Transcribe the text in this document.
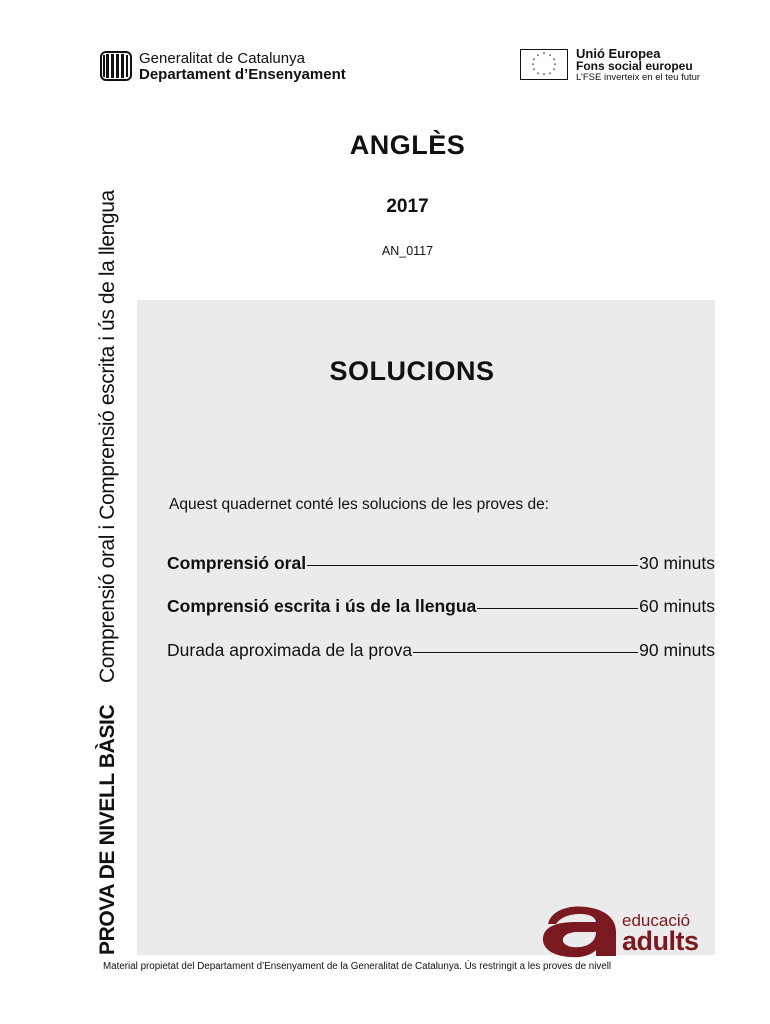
Generalitat de Catalunya
Departament d’Ensenyament
* *
*
*
*
*
*
*
*
*
*
*	Unió Europea
Fons social europeu
L’FSE inverteix en el teu futur
ANGLÈS
2017
AN_0117
PROVA DE NIVELL BÀSIC    Comprensió oral i Comprensió escrita i ús de la llengua	SOLUCIONS
Aquest quadernet conté les solucions de les proves de:
Comprensió oral	30 minuts
Comprensió escrita i ús de la llengua	60 minuts
Durada aproximada de la prova	90 minuts
educació
adults
Material propietat del Departament d’Ensenyament de la Generalitat de Catalunya. Ús restringit a les proves de nivell
